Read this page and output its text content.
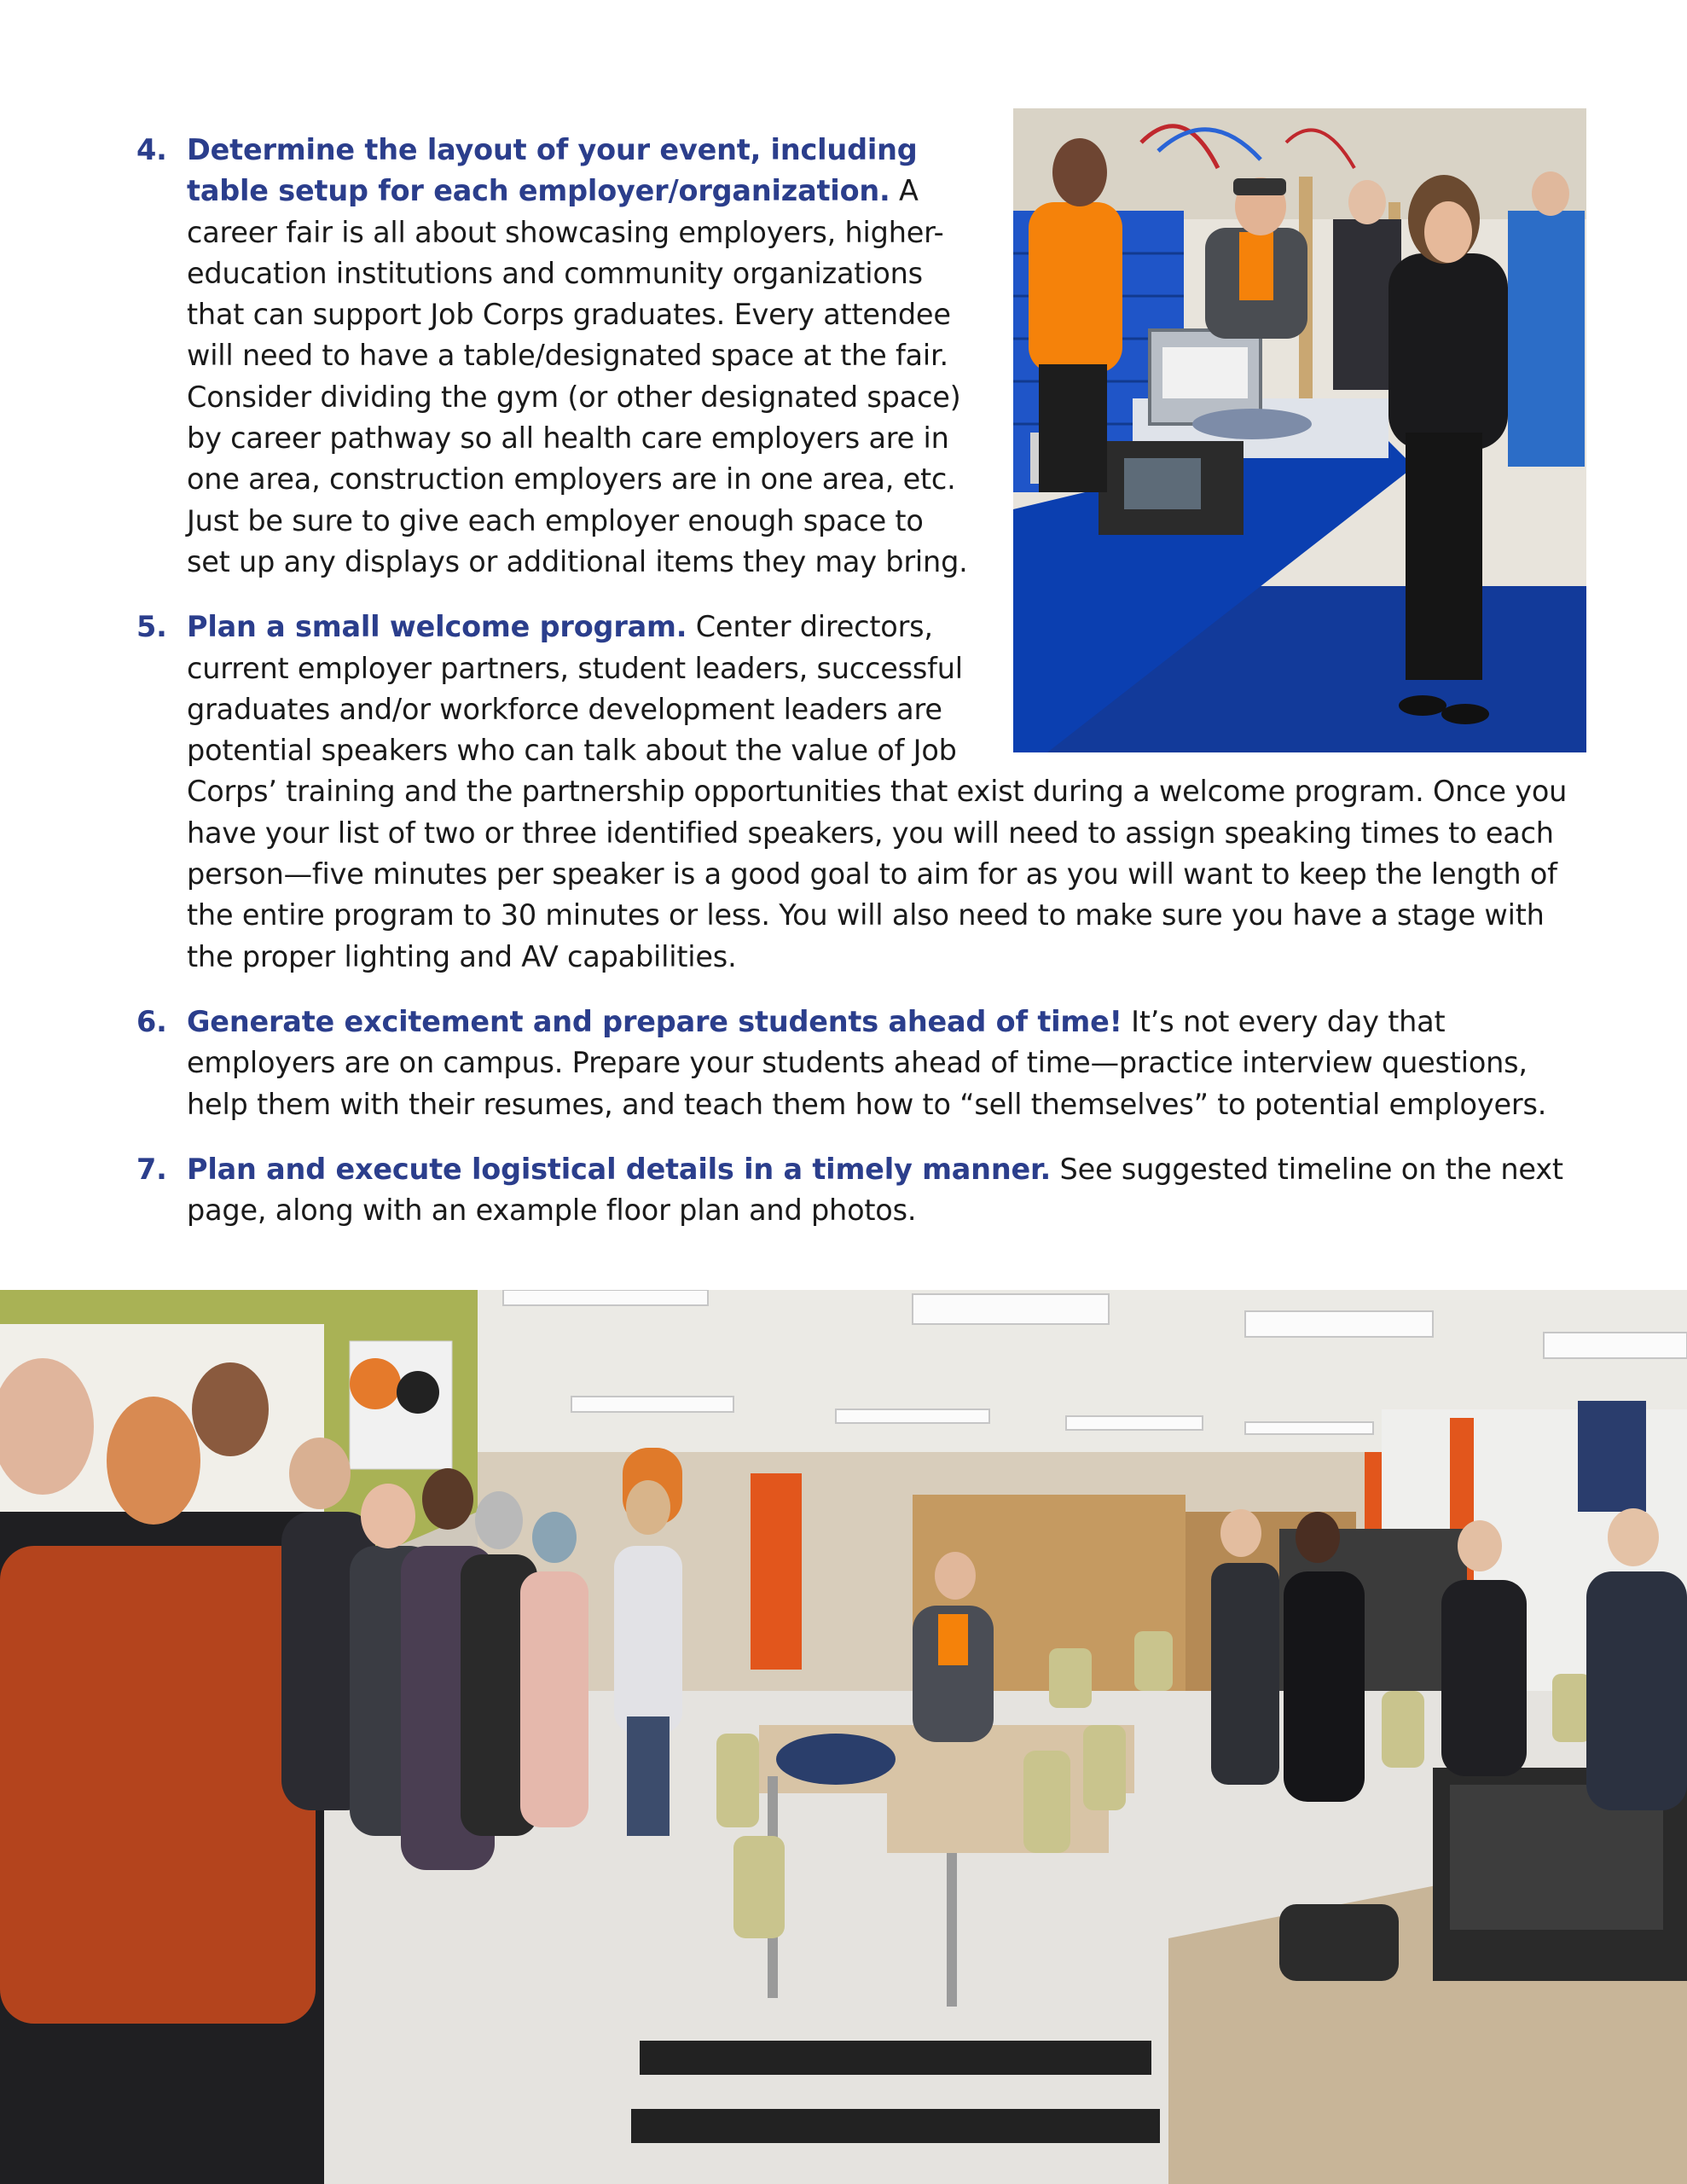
4. Determine the layout of your event, including table setup for each employer/organization. A career fair is all about showcasing employers, higher-education institutions and community organizations that can support Job Corps graduates. Every attendee will need to have a table/designated space at the fair. Consider dividing the gym (or other designated space) by career pathway so all health care employers are in one area, construction employers are in one area, etc. Just be sure to give each employer enough space to set up any displays or additional items they may bring.
5. Plan a small welcome program. Center directors, current employer partners, student leaders, successful graduates and/or workforce development leaders are potential speakers who can talk about the value of Job Corps’ training and the partnership opportunities that exist during a welcome program. Once you have your list of two or three identified speakers, you will need to assign speaking times to each person—five minutes per speaker is a good goal to aim for as you will want to keep the length of the entire program to 30 minutes or less. You will also need to make sure you have a stage with the proper lighting and AV capabilities.
6. Generate excitement and prepare students ahead of time! It’s not every day that employers are on campus. Prepare your students ahead of time—practice interview questions, help them with their resumes, and teach them how to “sell themselves” to potential employers.
7. Plan and execute logistical details in a timely manner. See suggested timeline on the next page, along with an example floor plan and photos.
